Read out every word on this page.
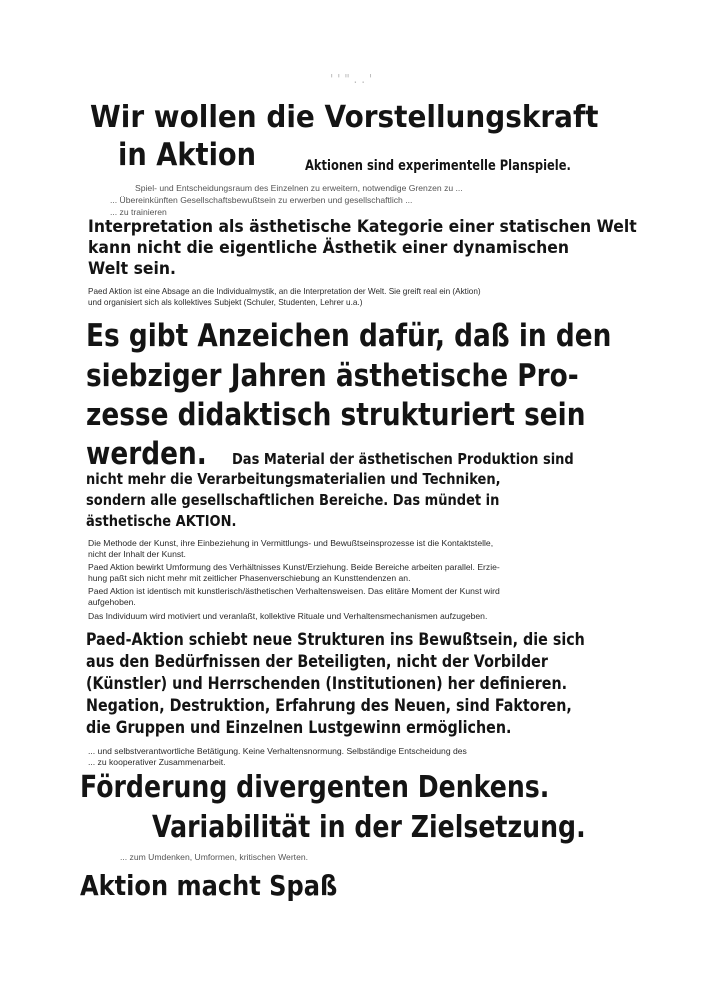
' ' " . . '

Wir wollen die Vorstellungskraft

in Aktion	Aktionen sind experimentelle Planspiele.

Spiel- und Entscheidungsraum des Einzelnen zu erweitern, notwendige Grenzen zu ...

... Übereinkünften Gesellschaftsbewußtsein zu erwerben und gesellschaftlich ...

... zu trainieren

Interpretation als ästhetische Kategorie einer statischen Welt

kann nicht die eigentliche Ästhetik einer dynamischen

Welt sein.

Paed Aktion ist eine Absage an die Individualmystik, an die Interpretation der Welt. Sie greift real ein (Aktion)

und organisiert sich als kollektives Subjekt (Schuler, Studenten, Lehrer u.a.)

Es gibt Anzeichen dafür, daß in den

siebziger Jahren ästhetische Pro-

zesse didaktisch strukturiert sein

werden. Das Material der ästhetischen Produktion sind

nicht mehr die Verarbeitungsmaterialien und Techniken,

sondern alle gesellschaftlichen Bereiche. Das mündet in

ästhetische AKTION.

Die Methode der Kunst, ihre Einbeziehung in Vermittlungs- und Bewußtseinsprozesse ist die Kontaktstelle,

nicht der Inhalt der Kunst.

Paed Aktion bewirkt Umformung des Verhältnisses Kunst/Erziehung. Beide Bereiche arbeiten parallel. Erzie-

hung paßt sich nicht mehr mit zeitlicher Phasenverschiebung an Kunsttendenzen an.

Paed Aktion ist identisch mit kunstlerisch/ästhetischen Verhaltensweisen. Das elitäre Moment der Kunst wird

aufgehoben.

Das Individuum wird motiviert und veranlaßt, kollektive Rituale und Verhaltensmechanismen aufzugeben.

Paed-Aktion schiebt neue Strukturen ins Bewußtsein, die sich

aus den Bedürfnissen der Beteiligten, nicht der Vorbilder

(Künstler) und Herrschenden (Institutionen) her definieren.

Negation, Destruktion, Erfahrung des Neuen, sind Faktoren,

die Gruppen und Einzelnen Lustgewinn ermöglichen.

... und selbstverantwortliche Betätigung. Keine Verhaltensnormung. Selbständige Entscheidung des

... zu kooperativer Zusammenarbeit.

Förderung divergenten Denkens.

Variabilität in der Zielsetzung.

... zum Umdenken, Umformen, kritischen Werten.

Aktion macht Spaß
